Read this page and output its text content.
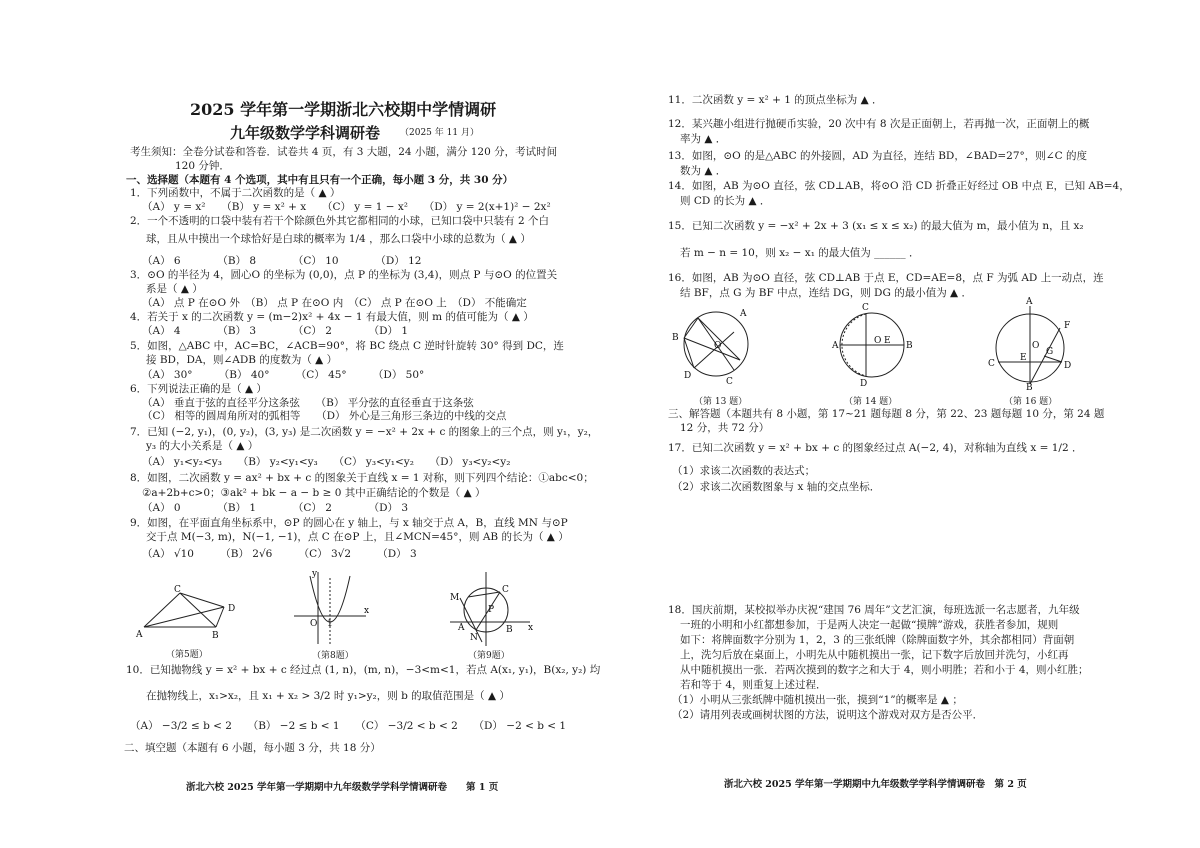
2025 学年第一学期浙北六校期中学情调研
九年级数学学科调研卷 （2025 年 11 月）
考生须知：全卷分试卷和答卷．试卷共 4 页，有 3 大题，24 小题，满分 120 分，考试时间
120 分钟．
一、选择题（本题有 4 个选项，其中有且只有一个正确，每小题 3 分，共 30 分）
1．下列函数中，不属于二次函数的是（ ▲ ）
（A） y = x²　　（B） y = x² + x　　（C） y = 1 − x²　　（D） y = 2(x+1)² − 2x²
2．一个不透明的口袋中装有若干个除颜色外其它都相同的小球，已知口袋中只装有 2 个白
球，且从中摸出一个球恰好是白球的概率为 1/4 ，那么口袋中小球的总数为（ ▲ ）
（A） 6　　　　（B） 8　　　　（C） 10　　　　（D） 12
3．⊙O 的半径为 4，圆心O 的坐标为 (0,0)，点 P 的坐标为 (3,4)，则点 P 与⊙O 的位置关
系是（ ▲ ）
（A） 点 P 在⊙O 外　（B） 点 P 在⊙O 内　（C） 点 P 在⊙O 上　（D） 不能确定
4．若关于 x 的二次函数 y = (m−2)x² + 4x − 1 有最大值，则 m 的值可能为（ ▲ ）
（A） 4　　　　（B） 3　　　　（C） 2　　　　（D） 1
5．如图，△ABC 中，AC=BC，∠ACB=90°，将 BC 绕点 C 逆时针旋转 30° 得到 DC，连
接 BD，DA，则∠ADB 的度数为（ ▲ ）
（A） 30°　　　（B） 40°　　　（C） 45°　　　（D） 50°
6．下列说法正确的是（ ▲ ）
（A） 垂直于弦的直径平分这条弦　　（B） 平分弦的直径垂直于这条弦
（C） 相等的圆周角所对的弧相等　　（D） 外心是三角形三条边的中线的交点
7．已知 (−2, y₁)，(0, y₂)，(3, y₃) 是二次函数 y = −x² + 2x + c 的图象上的三个点，则 y₁，y₂，
y₃ 的大小关系是（ ▲ ）
（A） y₁<y₂<y₃　　（B） y₂<y₁<y₃　　（C） y₃<y₁<y₂　　（D） y₃<y₂<y₂
8．如图，二次函数 y = ax² + bx + c 的图象关于直线 x = 1 对称，则下列四个结论：①abc<0；
②a+2b+c>0；③ak² + bk − a − b ≥ 0 其中正确结论的个数是（ ▲ ）
（A） 0　　　　（B） 1　　　　（C） 2　　　　（D） 3
9．如图，在平面直角坐标系中，⊙P 的圆心在 y 轴上，与 x 轴交于点 A，B，直线 MN 与⊙P
交于点 M(−3, m)，N(−1, −1)，点 C 在⊙P 上，且∠MCN=45°，则 AB 的长为（ ▲ ）
（A） √10　　　（B） 2√6　　　（C） 3√2　　　（D） 3
A	B
C
D
（第5题）
y
x
O 1
（第8题）
M
C
P
A	B
N
x
（第9题）
10．已知抛物线 y = x² + bx + c 经过点 (1, n)，(m, n)，−3<m<1，若点 A(x₁, y₁)，B(x₂, y₂) 均
在抛物线上，x₁>x₂，且 x₁ + x₂ > 3/2 时 y₁>y₂，则 b 的取值范围是（ ▲ ）
（A） −3/2 ≤ b < 2　　（B） −2 ≤ b < 1　　（C） −3/2 < b < 2　　（D） −2 < b < 1
二、填空题（本题有 6 小题，每小题 3 分，共 18 分）
浙北六校 2025 学年第一学期期中九年级数学学科学情调研卷　　第 1 页
11．二次函数 y = x² + 1 的顶点坐标为 ▲ ．
12．某兴趣小组进行抛硬币实验，20 次中有 8 次是正面朝上，若再抛一次，正面朝上的概
率为 ▲ ．
13．如图，⊙O 的是△ABC 的外接圆，AD 为直径，连结 BD，∠BAD=27°，则∠C 的度
数为 ▲ ．
14．如图，AB 为⊙O 直径，弦 CD⊥AB，将⊙O 沿 CD 折叠正好经过 OB 中点 E，已知 AB=4，
则 CD 的长为 ▲ ．
15．已知二次函数 y = −x² + 2x + 3 (x₁ ≤ x ≤ x₂) 的最大值为 m，最小值为 n，且 x₂
若 m − n = 10，则 x₂ − x₁ 的最大值为 ______ ．
16．如图，AB 为⊙O 直径，弦 CD⊥AB 于点 E，CD=AE=8，点 F 为弧 AD 上一动点，连
结 BF，点 G 为 BF 中点，连结 DG，则 DG 的最小值为 ▲ ．
A
B
O
D
C
（第 13 题）
C
A	O E B
D
（第 14 题）
A
F
O
G
C
E
D
B
（第 16 题）
三、解答题（本题共有 8 小题，第 17~21 题每题 8 分，第 22、23 题每题 10 分，第 24 题
12 分，共 72 分）
17．已知二次函数 y = x² + bx + c 的图象经过点 A(−2, 4)，对称轴为直线 x = 1/2 ．
（1）求该二次函数的表达式；
（2）求该二次函数图象与 x 轴的交点坐标．
18．国庆前期，某校拟举办庆祝“建国 76 周年”文艺汇演，每班选派一名志愿者，九年级
一班的小明和小红都想参加，于是两人决定一起做“摸牌”游戏，获胜者参加，规则
如下：将牌面数字分别为 1，2，3 的三张纸牌（除牌面数字外，其余都相同）背面朝
上，洗匀后放在桌面上，小明先从中随机摸出一张，记下数字后放回并洗匀，小红再
从中随机摸出一张．若两次摸到的数字之和大于 4，则小明胜；若和小于 4，则小红胜；
若和等于 4，则重复上述过程．
（1）小明从三张纸牌中随机摸出一张，摸到“1”的概率是 ▲ ；
（2）请用列表或画树状图的方法，说明这个游戏对双方是否公平．
浙北六校 2025 学年第一学期期中九年级数学学科学情调研卷　第 2 页
